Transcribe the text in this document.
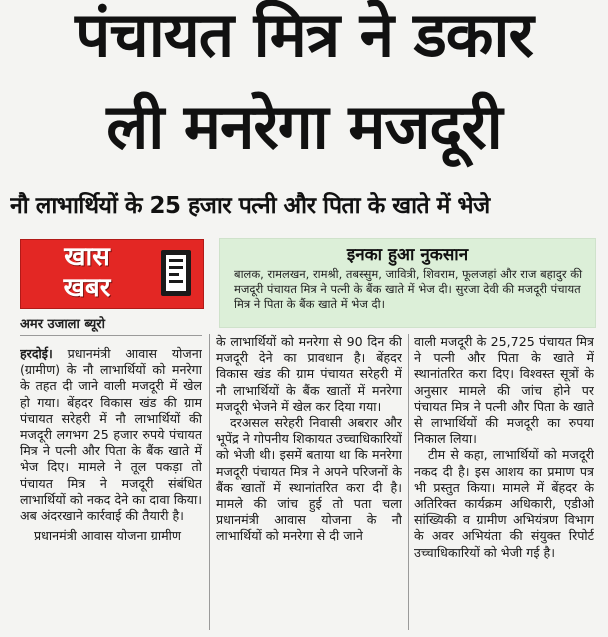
पंचायत मित्र ने डकार
ली मनरेगा मजदूरी
नौ लाभार्थियों के 25 हजार पत्नी और पिता के खाते में भेजे
खास
खबर
अमर उजाला ब्यूरो
इनका हुआ नुकसान
बालक, रामलखन, रामश्री, तबस्सुम, जावित्री, शिवराम, फूलजहां और राज बहादुर की मजदूरी पंचायत मित्र ने पत्नी के बैंक खाते में भेज दी। सुरजा देवी की मजदूरी पंचायत मित्र ने पिता के बैंक खाते में भेज दी।

हरदोई। प्रधानमंत्री आवास योजना (ग्रामीण) के नौ लाभार्थियों को मनरेगा के तहत दी जाने वाली मजदूरी में खेल हो गया। बेंहदर विकास खंड की ग्राम पंचायत सरेहरी में नौ लाभार्थियों की मजदूरी लगभग 25 हजार रुपये पंचायत मित्र ने पत्नी और पिता के बैंक खाते में भेज दिए। मामले ने तूल पकड़ा तो पंचायत मित्र ने मजदूरी संबंधित लाभार्थियों को नकद देने का दावा किया। अब अंदरखाने कार्रवाई की तैयारी है।

प्रधानमंत्री आवास योजना ग्रामीण

के लाभार्थियों को मनरेगा से 90 दिन की मजदूरी देने का प्रावधान है। बेंहदर विकास खंड की ग्राम पंचायत सरेहरी में नौ लाभार्थियों के बैंक खातों में मनरेगा मजदूरी भेजने में खेल कर दिया गया।

दरअसल सरेहरी निवासी अबरार और भूपेंद्र ने गोपनीय शिकायत उच्चाधिकारियों को भेजी थी। इसमें बताया था कि मनरेगा मजदूरी पंचायत मित्र ने अपने परिजनों के बैंक खातों में स्थानांतरित करा दी है। मामले की जांच हुई तो पता चला प्रधानमंत्री आवास योजना के नौ लाभार्थियों को मनरेगा से दी जाने

वाली मजदूरी के 25,725 पंचायत मित्र ने पत्नी और पिता के खाते में स्थानांतरित करा दिए। विश्वस्त सूत्रों के अनुसार मामले की जांच होने पर पंचायत मित्र ने पत्नी और पिता के खाते से लाभार्थियों की मजदूरी का रुपया निकाल लिया।

टीम से कहा, लाभार्थियों को मजदूरी नकद दी है। इस आशय का प्रमाण पत्र भी प्रस्तुत किया। मामले में बेंहदर के अतिरिक्त कार्यक्रम अधिकारी, एडीओ सांख्यिकी व ग्रामीण अभियंत्रण विभाग के अवर अभियंता की संयुक्त रिपोर्ट उच्चाधिकारियों को भेजी गई है।
